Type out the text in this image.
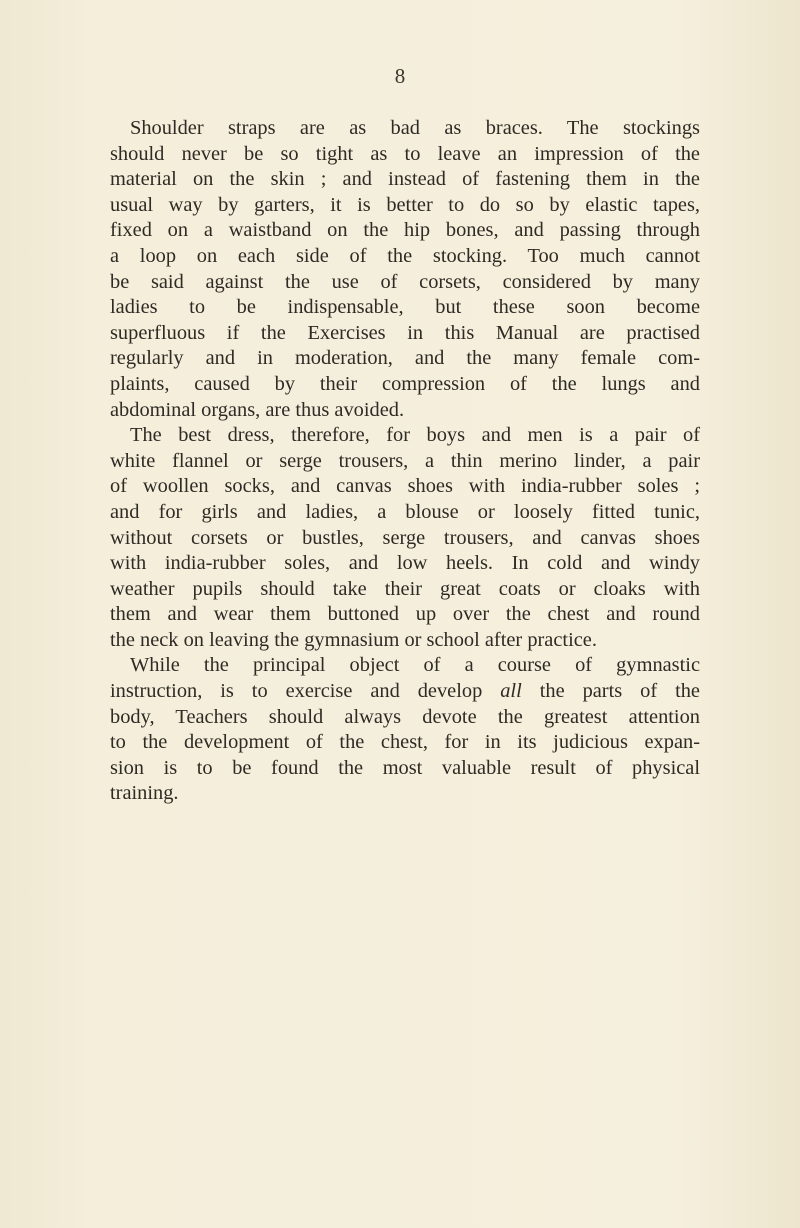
8
Shoulder straps are as bad as braces. The stockings
should never be so tight as to leave an impression of the
material on the skin ; and instead of fastening them in the
usual way by garters, it is better to do so by elastic tapes,
fixed on a waistband on the hip bones, and passing through
a loop on each side of the stocking. Too much cannot
be said against the use of corsets, considered by many
ladies to be indispensable, but these soon become
superfluous if the Exercises in this Manual are practised
regularly and in moderation, and the many female com-
plaints, caused by their compression of the lungs and
abdominal organs, are thus avoided.
The best dress, therefore, for boys and men is a pair of
white flannel or serge trousers, a thin merino linder, a pair
of woollen socks, and canvas shoes with india-rubber soles ;
and for girls and ladies, a blouse or loosely fitted tunic,
without corsets or bustles, serge trousers, and canvas shoes
with india-rubber soles, and low heels. In cold and windy
weather pupils should take their great coats or cloaks with
them and wear them buttoned up over the chest and round
the neck on leaving the gymnasium or school after practice.
While the principal object of a course of gymnastic
instruction, is to exercise and develop all the parts of the
body, Teachers should always devote the greatest attention
to the development of the chest, for in its judicious expan-
sion is to be found the most valuable result of physical
training.
